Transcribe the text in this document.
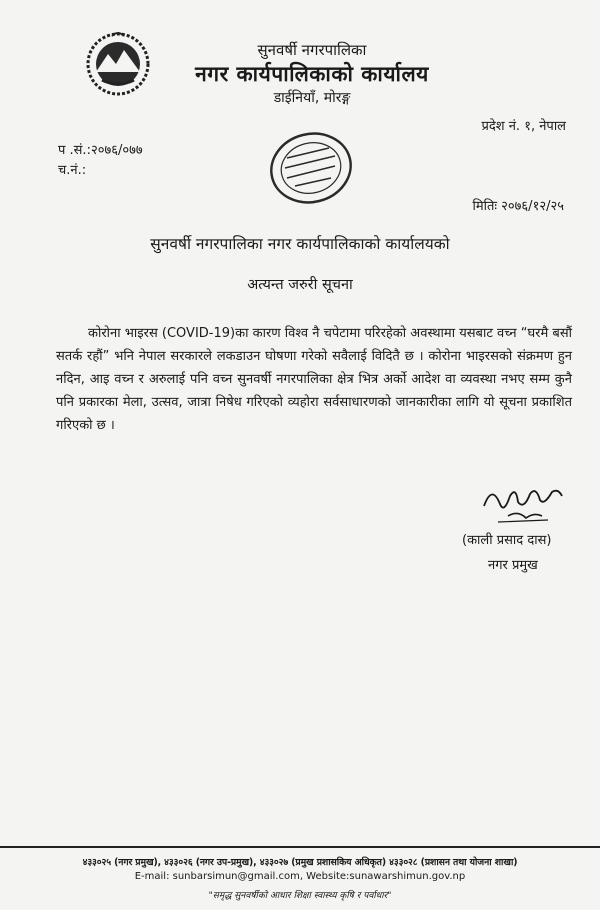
सुनवर्षी नगरपालिका
नगर कार्यपालिकाको कार्यालय
डाईनियाँ, मोरङ्ग
प्रदेश नं. १, नेपाल
प .सं.:२०७६/०७७
च.नं.:
मितिः २०७६/१२/२५
सुनवर्षी नगरपालिका नगर कार्यपालिकाको कार्यालयको
अत्यन्त जरुरी सूचना
कोरोना भाइरस (COVID-19)का कारण विश्व नै चपेटामा परिरहेको अवस्थामा यसबाट वच्न “घरमै बसौं सतर्क रहौं” भनि नेपाल सरकारले लकडाउन घोषणा गरेको सवैलाई विदितै छ । कोरोना भाइरसको संक्रमण हुन नदिन, आइ वच्न र अरुलाई पनि वच्न सुनवर्षी नगरपालिका क्षेत्र भित्र अर्को आदेश वा व्यवस्था नभए सम्म कुनै पनि प्रकारका मेला, उत्सव, जात्रा निषेध गरिएको व्यहोरा सर्वसाधारणको जानकारीका लागि यो सूचना प्रकाशित गरिएको छ ।
(काली प्रसाद दास)
नगर प्रमुख
४३३०२५ (नगर प्रमुख), ४३३०२६ (नगर उप-प्रमुख), ४३३०२७ (प्रमुख प्रशासकिय अधिकृत) ४३३०२८ (प्रशासन तथा योजना शाखा)
E-mail: sunbarsimun@gmail.com, Website:sunawarshimun.gov.np
"समृद्ध सुनवर्षीको आधार शिक्षा स्वास्थ्य कृषि र पर्वाधार"
